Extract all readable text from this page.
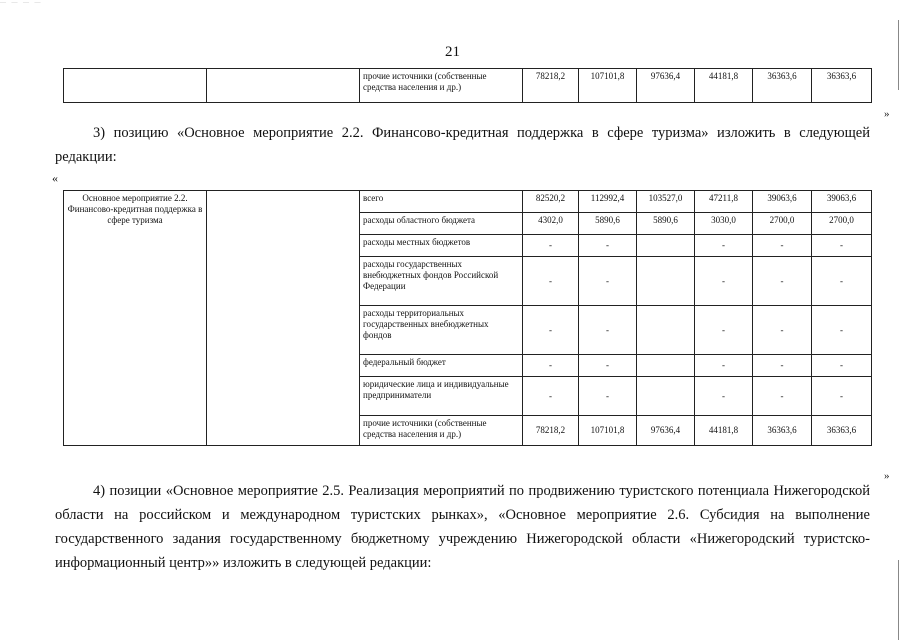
— — — —
21
		прочие источники (собственные средства населения и др.)	78218,2	107101,8	97636,4	44181,8	36363,6	36363,6
»
3) позицию «Основное мероприятие 2.2. Финансово-кредитная поддержка в сфере туризма» изложить в следующей редакции:
«
Основное мероприятие 2.2. Финансово-кредитная поддержка в сфере туризма		всего	82520,2	112992,4	103527,0	47211,8	39063,6	39063,6
		расходы областного бюджета	4302,0	5890,6	5890,6	3030,0	2700,0	2700,0
		расходы местных бюджетов	-	-		-	-	-
		расходы государственных внебюджетных фондов Российской Федерации	-	-		-	-	-
		расходы территориальных государственных внебюджетных фондов	-	-		-	-	-
		федеральный бюджет	-	-		-	-	-
		юридические лица и индивидуальные предприниматели	-	-		-	-	-
		прочие источники (собственные средства населения и др.)	78218,2	107101,8	97636,4	44181,8	36363,6	36363,6
»
4) позиции «Основное мероприятие 2.5. Реализация мероприятий по продвижению туристского потенциала Нижегородской области на российском и международном туристских рынках», «Основное мероприятие 2.6. Субсидия на выполнение государственного задания государственному бюджетному учреждению Нижегородской области «Нижегородский туристско-информационный центр»» изложить в следующей редакции:
